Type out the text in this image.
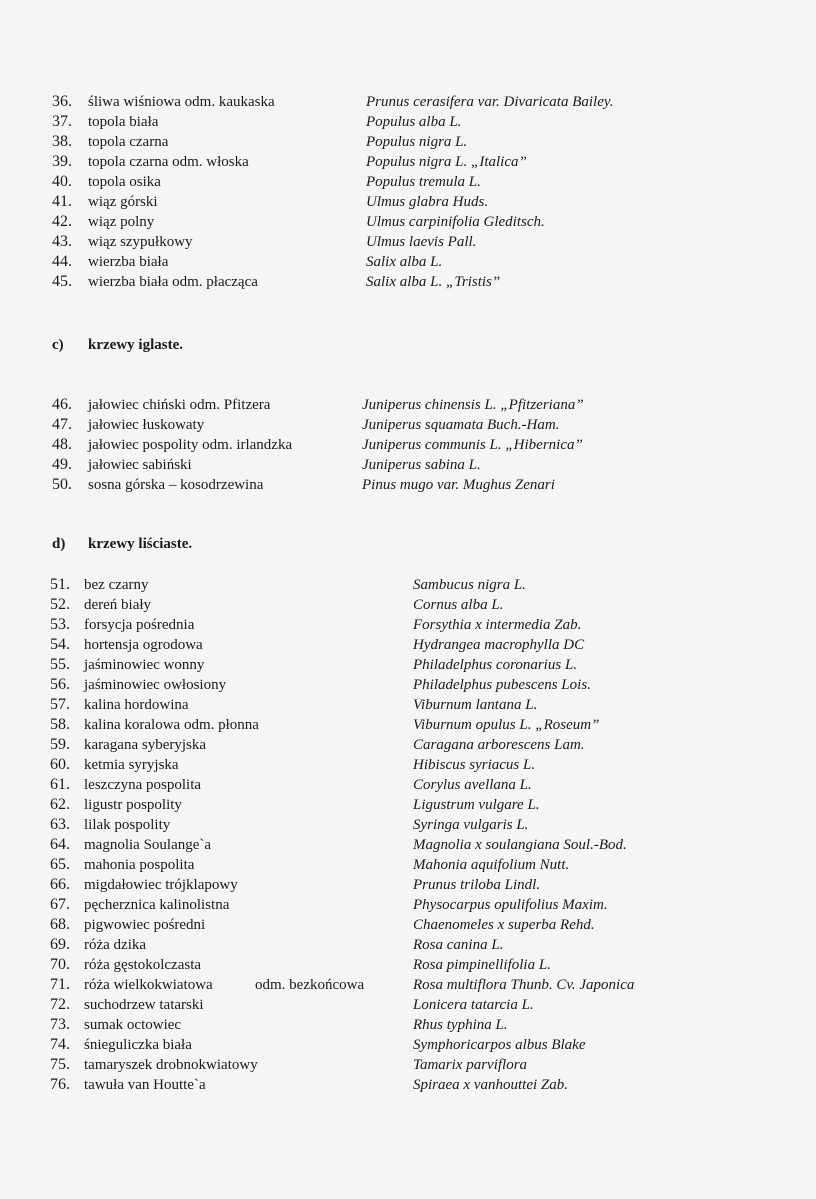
36.	śliwa wiśniowa odm. kaukaska	Prunus cerasifera var. Divaricata Bailey.
37.	topola biała	Populus alba L.
38.	topola czarna	Populus nigra L.
39.	topola czarna odm. włoska	Populus nigra L. „Italica”
40.	topola osika	Populus tremula L.
41.	wiąz górski	Ulmus glabra Huds.
42.	wiąz polny	Ulmus carpinifolia Gleditsch.
43.	wiąz szypułkowy	Ulmus laevis Pall.
44.	wierzba biała	Salix alba L.
45.	wierzba biała odm. płacząca	Salix alba L. „Tristis”
c) krzewy iglaste.
46.	jałowiec chiński odm. Pfitzera	Juniperus chinensis L. „Pfitzeriana”
47.	jałowiec łuskowaty	Juniperus squamata Buch.-Ham.
48.	jałowiec pospolity odm. irlandzka	Juniperus communis L. „Hibernica”
49.	jałowiec sabiński	Juniperus sabina L.
50.	sosna górska – kosodrzewina	Pinus mugo var. Mughus Zenari
d) krzewy liściaste.
51. bez czarny	Sambucus nigra L.
52. dereń biały	Cornus alba L.
53. forsycja pośrednia	Forsythia x intermedia Zab.
54. hortensja ogrodowa	Hydrangea macrophylla DC
55. jaśminowiec wonny	Philadelphus coronarius L.
56. jaśminowiec owłosiony	Philadelphus pubescens Lois.
57. kalina hordowina	Viburnum lantana L.
58. kalina koralowa odm. płonna	Viburnum opulus L. „Roseum”
59. karagana syberyjska	Caragana arborescens Lam.
60. ketmia syryjska	Hibiscus syriacus L.
61. leszczyna pospolita	Corylus avellana L.
62. ligustr pospolity	Ligustrum vulgare L.
63. lilak pospolity	Syringa vulgaris L.
64. magnolia Soulange`a	Magnolia x soulangiana Soul.-Bod.
65. mahonia pospolita	Mahonia aquifolium Nutt.
66. migdałowiec trójklapowy	Prunus triloba Lindl.
67. pęcherznica kalinolistna	Physocarpus opulifolius Maxim.
68. pigwowiec pośredni	Chaenomeles x superba Rehd.
69. róża dzika	Rosa canina L.
70. róża gęstokolczasta	Rosa pimpinellifolia L.
71. róża wielkokwiatowa	odm. bezkońcowa	Rosa multiflora Thunb. Cv. Japonica
72. suchodrzew tatarski	Lonicera tatarcia L.
73. sumak octowiec	Rhus typhina L.
74. śnieguliczka biała	Symphoricarpos albus Blake
75. tamaryszek drobnokwiatowy	Tamarix parviflora
76. tawuła van Houtte`a	Spiraea x vanhouttei Zab.
